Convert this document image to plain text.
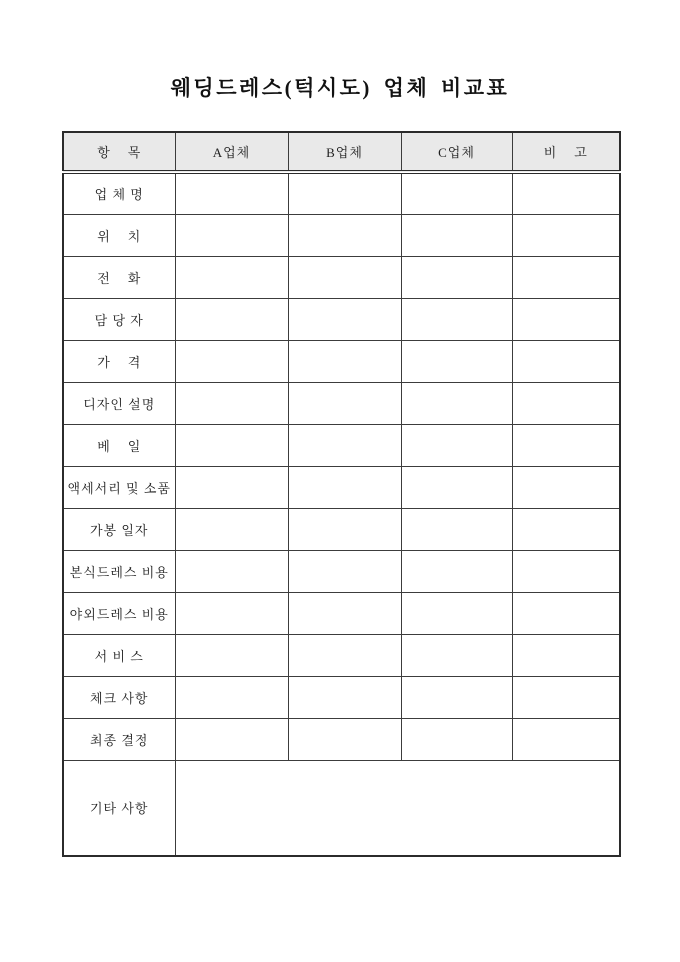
웨딩드레스(턱시도) 업체 비교표
항    목	A업체	B업체	C업체	비    고
업 체 명				
위    치				
전    화				
담 당 자				
가    격				
디자인 설명				
베    일				
액세서리 및 소품				
가봉 일자				
본식드레스 비용				
야외드레스 비용				
서 비 스				
체크 사항				
최종 결정				
기타 사항				
